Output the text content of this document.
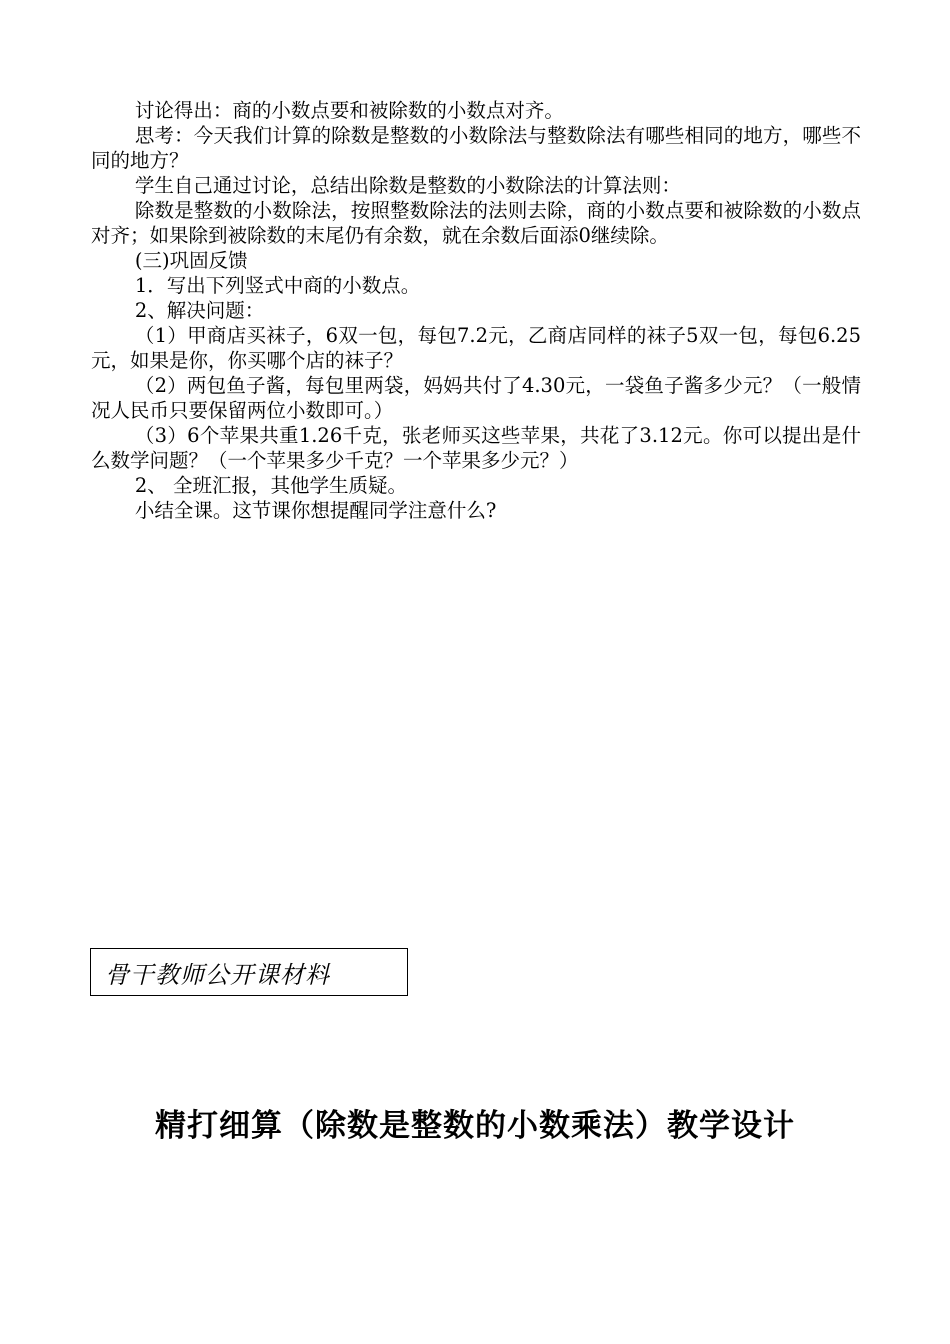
讨论得出：商的小数点要和被除数的小数点对齐。

思考：今天我们计算的除数是整数的小数除法与整数除法有哪些相同的地方，哪些不同的地方？

学生自己通过讨论，总结出除数是整数的小数除法的计算法则：

除数是整数的小数除法，按照整数除法的法则去除，商的小数点要和被除数的小数点对齐；如果除到被除数的末尾仍有余数，就在余数后面添0继续除。

(三)巩固反馈

1．写出下列竖式中商的小数点。

2、解决问题：

（1）甲商店买袜子，6双一包，每包7.2元，乙商店同样的袜子5双一包，每包6.25元，如果是你，你买哪个店的袜子？

（2）两包鱼子酱，每包里两袋，妈妈共付了4.30元，一袋鱼子酱多少元？（一般情况人民币只要保留两位小数即可。）

（3）6个苹果共重1.26千克，张老师买这些苹果，共花了3.12元。你可以提出是什么数学问题？（一个苹果多少千克？一个苹果多少元？）

2、 全班汇报，其他学生质疑。

小结全课。这节课你想提醒同学注意什么?

骨干教师公开课材料
精打细算（除数是整数的小数乘法）教学设计
